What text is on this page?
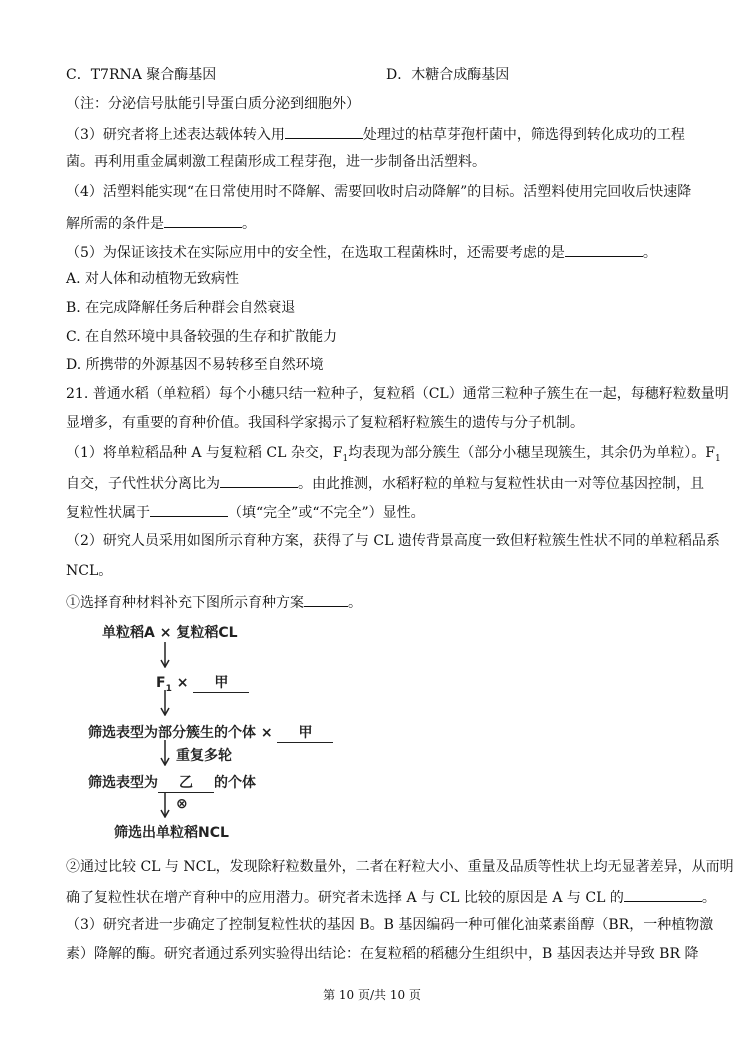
C．T7RNA 聚合酶基因	D．木糖合成酶基因
（注：分泌信号肽能引导蛋白质分泌到细胞外）
（3）研究者将上述表达载体转入用	处理过的枯草芽孢杆菌中，筛选得到转化成功的工程
菌。再利用重金属刺激工程菌形成工程芽孢，进一步制备出活塑料。
（4）活塑料能实现“在日常使用时不降解、需要回收时启动降解”的目标。活塑料使用完回收后快速降
解所需的条件是	。
（5）为保证该技术在实际应用中的安全性，在选取工程菌株时，还需要考虑的是	。
A. 对人体和动植物无致病性
B. 在完成降解任务后种群会自然衰退
C. 在自然环境中具备较强的生存和扩散能力
D. 所携带的外源基因不易转移至自然环境
21. 普通水稻（单粒稻）每个小穗只结一粒种子，复粒稻（CL）通常三粒种子簇生在一起，每穗籽粒数量明
显增多，有重要的育种价值。我国科学家揭示了复粒稻籽粒簇生的遗传与分子机制。
（1）将单粒稻品种 A 与复粒稻 CL 杂交，$F_1$均表现为部分簇生（部分小穗呈现簇生，其余仍为单粒）。$F_1$
自交，子代性状分离比为	。由此推测，水稻籽粒的单粒与复粒性状由一对等位基因控制，且
复粒性状属于	（填“完全”或“不完全”）显性。
（2）研究人员采用如图所示育种方案，获得了与 CL 遗传背景高度一致但籽粒簇生性状不同的单粒稻品系
NCL。
①选择育种材料补充下图所示育种方案	。
单粒稻A × 复粒稻CL
$F_1$ × 甲
筛选表型为部分簇生的个体 × 甲
重复多轮
筛选表型为 乙 的个体
⊗
筛选出单粒稻NCL
②通过比较 CL 与 NCL，发现除籽粒数量外，二者在籽粒大小、重量及品质等性状上均无显著差异，从而明
确了复粒性状在增产育种中的应用潜力。研究者未选择 A 与 CL 比较的原因是 A 与 CL 的	。
（3）研究者进一步确定了控制复粒性状的基因 B。B 基因编码一种可催化油菜素甾醇（BR，一种植物激
素）降解的酶。研究者通过系列实验得出结论：在复粒稻的稻穗分生组织中，B 基因表达并导致 BR 降
第 10 页/共 10 页
